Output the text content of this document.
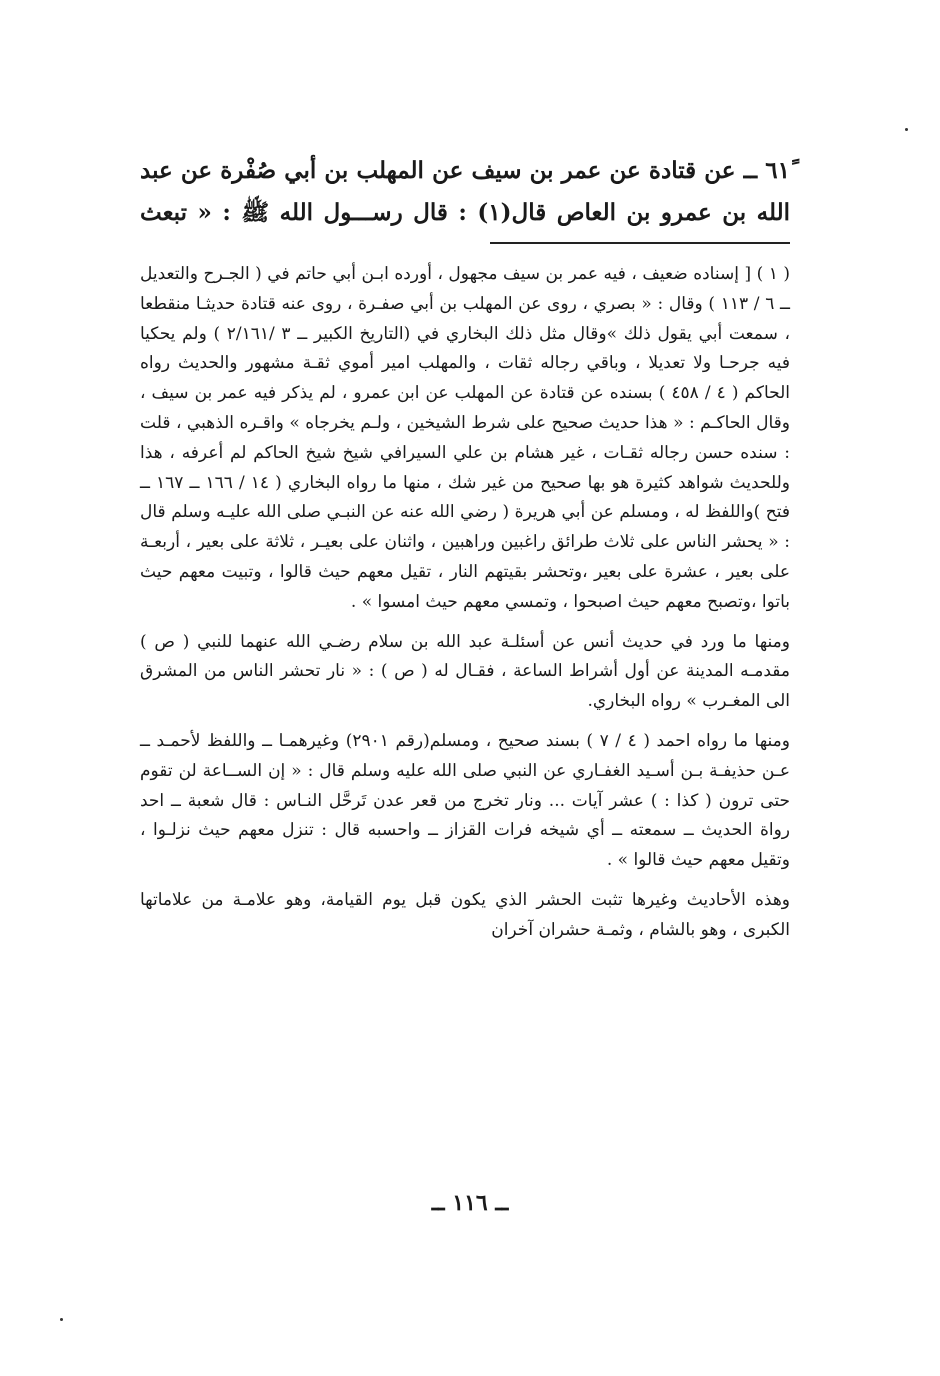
٦١ً ــ عن قتادة عن عمر بن سيف عن المهلب بن أبي صُفْرة عن عبد الله بن عمرو بن العاص قال(١) : قال رســـول الله ﷺ : « تبعث

( ١ ) [ إسناده ضعيف ، فيه عمر بن سيف مجهول ، أورده ابـن أبي حاتم في ( الجـرح والتعديل ــ ٦ / ١١٣ ) وقال : « بصري ، روى عن المهلب بن أبي صفـرة ، روى عنه قتادة حديثـا منقطعا ، سمعت أبي يقول ذلك »وقال مثل ذلك البخاري في (التاريخ الكبير ــ ٣ /٢/١٦١ ) ولم يحكيا فيه جرحـا ولا تعديلا ، وباقي رجاله ثقات ، والمهلب امير أموي ثقـة مشهور والحديث رواه الحاكم ( ٤ / ٤٥٨ ) بسنده عن قتادة عن المهلب عن ابن عمرو ، لم يذكر فيه عمر بن سيف ، وقال الحاكـم : « هذا حديث صحيح على شرط الشيخين ، ولـم يخرجاه » واقـره الذهبي ، قلت : سنده حسن رجاله ثقـات ، غير هشام بن علي السيرافي شيخ شيخ الحاكم لم أعرفه ، هذا وللحديث شواهد كثيرة هو بها صحيح من غير شك ، منها ما رواه البخاري ( ١٤ / ١٦٦ ــ ١٦٧ ــ فتح )واللفظ له ، ومسلم عن أبي هريرة ( رضي الله عنه عن النبـي صلى الله عليـه وسلم قال : « يحشر الناس على ثلاث طرائق راغبين وراهبين ، واثنان على بعيـر ، ثلاثة على بعير ، أربعـة على بعير ، عشرة على بعير ،وتحشر بقيتهم النار ، تقيل معهم حيث قالوا ، وتبيت معهم حيث باتوا ،وتصبح معهم حيث اصبحوا ، وتمسي معهم حيث امسوا » .

ومنها ما ورد في حديث أنس عن أسئلـة عبد الله بن سلام رضـي الله عنهما للنبي ( ص ) مقدمـه المدينة عن أول أشراط الساعة ، فقـال له ( ص ) : « نار تحشر الناس من المشرق الى المغـرب » رواه البخاري.

ومنها ما رواه احمد ( ٤ / ٧ ) بسند صحيح ، ومسلم(رقم ٢٩٠١) وغيرهمـا ــ واللفظ لأحمـد ــ عـن حذيفـة بـن أسـيد الغفـاري عن النبي صلى الله عليه وسلم قال : « إن الســاعة لن تقوم حتى ترون ( كذا : ) عشر آيات ... ونار تخرج من قعر عدن تَرحَّل النـاس : قال شعبة ــ احد رواة الحديث ــ سمعته ــ أي شيخه فرات القزاز ــ واحسبه قال : تنزل معهم حيث نزلـوا ، وتقيل معهم حيث قالوا » .

وهذه الأحاديث وغيرها تثبت الحشر الذي يكون قبل يوم القيامة، وهو علامـة من علاماتها الكبرى ، وهو بالشام ، وثمـة حشران آخران

ــ ١١٦ ــ
